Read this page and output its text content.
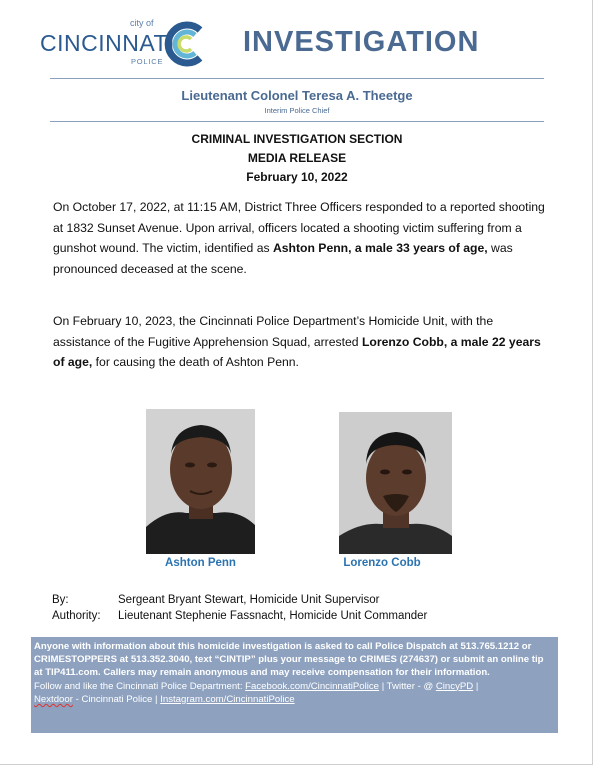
city of
CINCINNATI
POLICE
INVESTIGATION
Lieutenant Colonel Teresa A. Theetge
Interim Police Chief
CRIMINAL INVESTIGATION SECTION
MEDIA RELEASE
February 10, 2022
On October 17, 2022, at 11:15 AM, District Three Officers responded to a reported shooting at 1832 Sunset Avenue. Upon arrival, officers located a shooting victim suffering from a gunshot wound. The victim, identified as Ashton Penn, a male 33 years of age, was pronounced deceased at the scene.
On February 10, 2023, the Cincinnati Police Department’s Homicide Unit, with the assistance of the Fugitive Apprehension Squad, arrested Lorenzo Cobb, a male 22 years of age, for causing the death of Ashton Penn.
Ashton Penn	Lorenzo Cobb
By:	Sergeant Bryant Stewart, Homicide Unit Supervisor
Authority: Lieutenant Stephenie Fassnacht, Homicide Unit Commander
Anyone with information about this homicide investigation is asked to call Police Dispatch at 513.765.1212 or CRIMESTOPPERS at 513.352.3040, text “CINTIP” plus your message to CRIMES (274637) or submit an online tip at TIP411.com. Callers may remain anonymous and may receive compensation for their information.
Follow and like the Cincinnati Police Department: Facebook.com/CincinnatiPolice | Twitter - @ CincyPD |
Nextdoor - Cincinnati Police | Instagram.com/CincinnatiPolice
